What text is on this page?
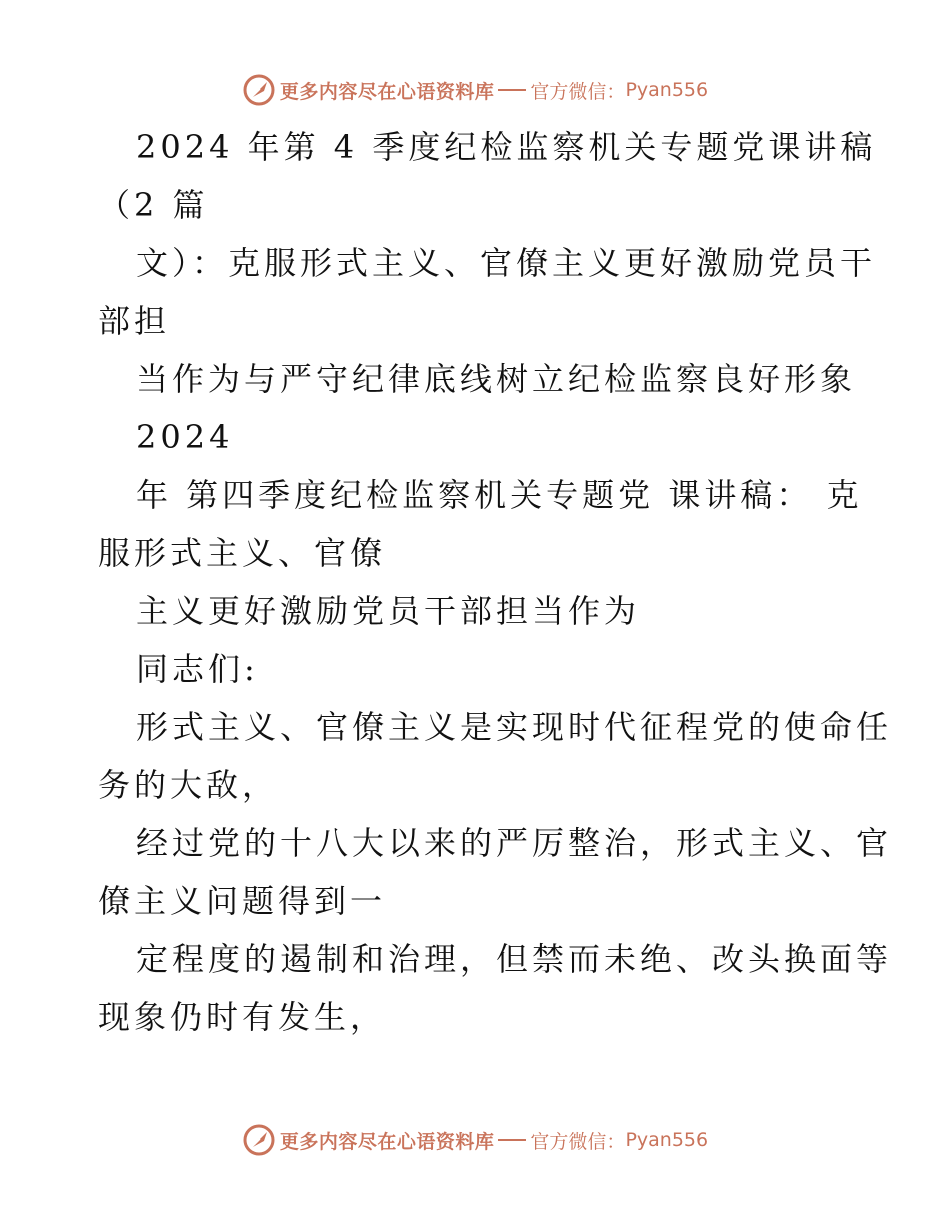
更多内容尽在心语资料库 官方微信： Pyan556
2024 年第 4 季度纪检监察机关专题党课讲稿
（2 篇
文）：克服形式主义、官僚主义更好激励党员干
部担
当作为与严守纪律底线树立纪检监察良好形象
2024
年 第四季度纪检监察机关专题党 课讲稿： 克
服形式主义、官僚
主义更好激励党员干部担当作为
同志们:
形式主义、官僚主义是实现时代征程党的使命任
务的大敌，
经过党的十八大以来的严厉整治，形式主义、官
僚主义问题得到一
定程度的遏制和治理，但禁而未绝、改头换面等
现象仍时有发生，
更多内容尽在心语资料库 官方微信： Pyan556
